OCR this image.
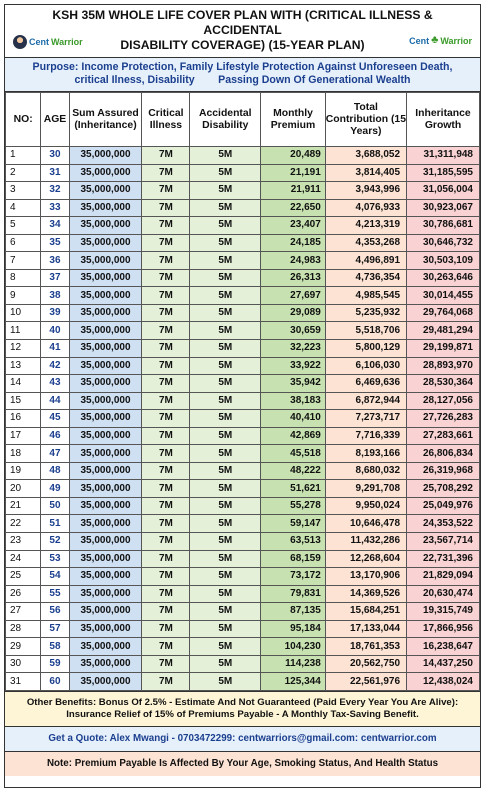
KSH 35M WHOLE LIFE COVER PLAN WITH (CRITICAL ILLNESS & ACCIDENTAL
DISABILITY COVERAGE) (15-YEAR PLAN)
Cent Warrior	Cent ♣ Warrior
Purpose: Income Protection, Family Lifestyle Protection Against Unforeseen Death,
critical Ilness, Disability        Passing Down Of Generational Wealth
NO:	AGE	Sum Assured (Inheritance)	Critical Illness	Accidental Disability	Monthly Premium	Total Contribution (15 Years)	Inheritance Growth
1	30	35,000,000	7M	5M	20,489	3,688,052	31,311,948
2	31	35,000,000	7M	5M	21,191	3,814,405	31,185,595
3	32	35,000,000	7M	5M	21,911	3,943,996	31,056,004
4	33	35,000,000	7M	5M	22,650	4,076,933	30,923,067
5	34	35,000,000	7M	5M	23,407	4,213,319	30,786,681
6	35	35,000,000	7M	5M	24,185	4,353,268	30,646,732
7	36	35,000,000	7M	5M	24,983	4,496,891	30,503,109
8	37	35,000,000	7M	5M	26,313	4,736,354	30,263,646
9	38	35,000,000	7M	5M	27,697	4,985,545	30,014,455
10	39	35,000,000	7M	5M	29,089	5,235,932	29,764,068
11	40	35,000,000	7M	5M	30,659	5,518,706	29,481,294
12	41	35,000,000	7M	5M	32,223	5,800,129	29,199,871
13	42	35,000,000	7M	5M	33,922	6,106,030	28,893,970
14	43	35,000,000	7M	5M	35,942	6,469,636	28,530,364
15	44	35,000,000	7M	5M	38,183	6,872,944	28,127,056
16	45	35,000,000	7M	5M	40,410	7,273,717	27,726,283
17	46	35,000,000	7M	5M	42,869	7,716,339	27,283,661
18	47	35,000,000	7M	5M	45,518	8,193,166	26,806,834
19	48	35,000,000	7M	5M	48,222	8,680,032	26,319,968
20	49	35,000,000	7M	5M	51,621	9,291,708	25,708,292
21	50	35,000,000	7M	5M	55,278	9,950,024	25,049,976
22	51	35,000,000	7M	5M	59,147	10,646,478	24,353,522
23	52	35,000,000	7M	5M	63,513	11,432,286	23,567,714
24	53	35,000,000	7M	5M	68,159	12,268,604	22,731,396
25	54	35,000,000	7M	5M	73,172	13,170,906	21,829,094
26	55	35,000,000	7M	5M	79,831	14,369,526	20,630,474
27	56	35,000,000	7M	5M	87,135	15,684,251	19,315,749
28	57	35,000,000	7M	5M	95,184	17,133,044	17,866,956
29	58	35,000,000	7M	5M	104,230	18,761,353	16,238,647
30	59	35,000,000	7M	5M	114,238	20,562,750	14,437,250
31	60	35,000,000	7M	5M	125,344	22,561,976	12,438,024
Other Benefits: Bonus Of 2.5% - Estimate And Not Guaranteed (Paid Every Year You Are Alive):
Insurance Relief of 15% of Premiums Payable - A Monthly Tax-Saving Benefit.
Get a Quote: Alex Mwangi - 0703472299: centwarriors@gmail.com: centwarrior.com
Note: Premium Payable Is Affected By Your Age, Smoking Status, And Health Status
